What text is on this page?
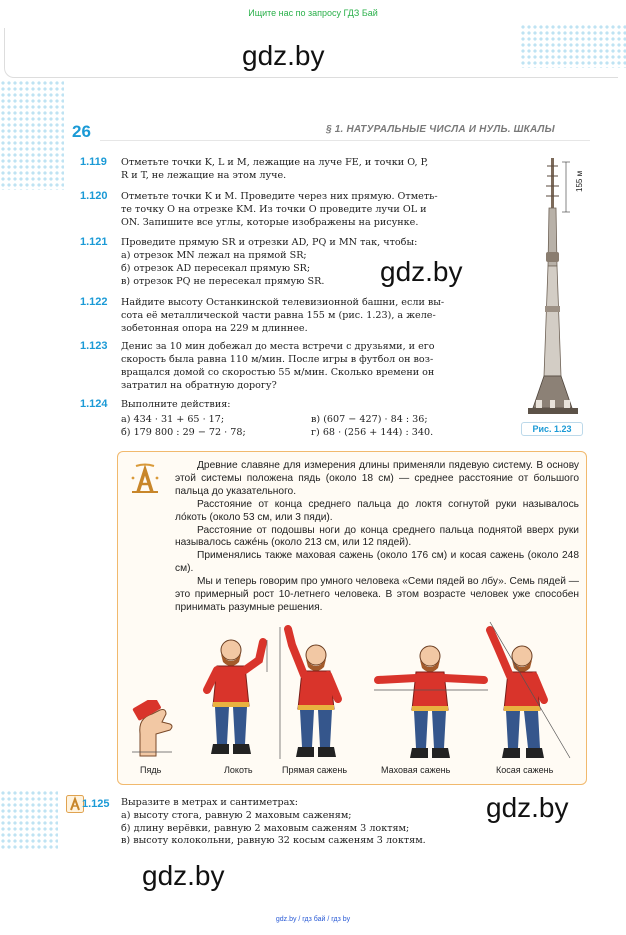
Ищите нас по запросу ГДЗ Бай
gdz.by
gdz.by
gdz.by
gdz.by
26	§ 1. НАТУРАЛЬНЫЕ ЧИСЛА И НУЛЬ. ШКАЛЫ
1.119 Отметьте точки K, L и M, лежащие на луче FE, и точки O, P,
R и T, не лежащие на этом луче.
1.120 Отметьте точки K и M. Проведите через них прямую. Отметь-
те точку O на отрезке KM. Из точки O проведите лучи OL и
ON. Запишите все углы, которые изображены на рисунке.
1.121 Проведите прямую SR и отрезки AD, PQ и MN так, чтобы:
а) отрезок MN лежал на прямой SR;
б) отрезок AD пересекал прямую SR;
в) отрезок PQ не пересекал прямую SR.
1.122 Найдите высоту Останкинской телевизионной башни, если вы-
сота её металлической части равна 155 м (рис. 1.23), а желе-
зобетонная опора на 229 м длиннее.
1.123 Денис за 10 мин добежал до места встречи с друзьями, и его
скорость была равна 110 м/мин. После игры в футбол он воз-
вращался домой со скоростью 55 м/мин. Сколько времени он
затратил на обратную дорогу?
1.124 Выполните действия:
а) 434 · 31 + 65 · 17;
б) 179 800 : 29 − 72 · 78;
в) (607 − 427) · 84 : 36;
г) 68 · (256 + 144) : 340.
155 м
Рис. 1.23

Древние славяне для измерения длины применяли пядевую систему. В основу этой системы положена пядь (около 18 см) — среднее расстояние от большого пальца до указательного.

Расстояние от конца среднего пальца до локтя согнутой руки называлось ло́коть (около 53 см, или 3 пяди).

Расстояние от подошвы ноги до конца среднего пальца поднятой вверх руки называлось саже́нь (около 213 см, или 12 пядей).

Применялись также маховая сажень (около 176 см) и косая сажень (около 248 см).

Мы и теперь говорим про умного человека «Семи пядей во лбу». Семь пядей — это примерный рост 10-летнего человека. В этом возрасте человек уже способен принимать разумные решения.

Пядь	Локоть	Прямая сажень	Маховая сажень	Косая сажень
1.125 Выразите в метрах и сантиметрах:
а) высоту стога, равную 2 маховым саженям;
б) длину верёвки, равную 2 маховым саженям 3 локтям;
в) высоту колокольни, равную 32 косым саженям 3 локтям.
gdz.by / гдз бай / гдз by
